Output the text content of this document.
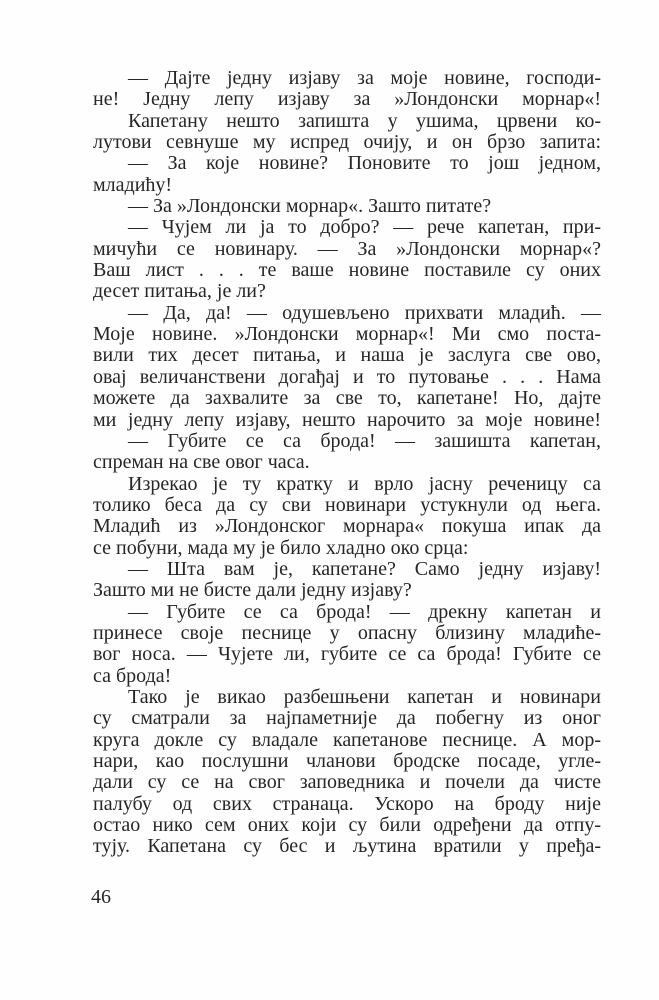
— Дајте једну изјаву за моје новине, господи-
не! Једну лепу изјаву за »Лондонски морнар«!
Капетану нешто запишта у ушима, црвени ко-
лутови севнуше му испред очију, и он брзо запита:
— За које новине? Поновите то још једном,
младићу!
— За »Лондонски морнар«. Зашто питате?
— Чујем ли ја то добро? — рече капетан, при-
мичући се новинару. — За »Лондонски морнар«?
Ваш лист . . . те ваше новине поставиле су оних
десет питања, је ли?
— Да, да! — одушевљено прихвати младић. —
Моје новине. »Лондонски морнар«! Ми смо поста-
вили тих десет питања, и наша је заслуга све ово,
овај величанствени догађај и то путовање . . . Нама
можете да захвалите за све то, капетане! Но, дајте
ми једну лепу изјаву, нешто нарочито за моје новине!
— Губите се са брода! — зашишта капетан,
спреман на све овог часа.
Изрекао је ту кратку и врло јасну реченицу са
толико беса да су сви новинари устукнули од њега.
Младић из »Лондонског морнара« покуша ипак да
се побуни, мада му је било хладно око срца:
— Шта вам је, капетане? Само једну изјаву!
Зашто ми не бисте дали једну изјаву?
— Губите се са брода! — дрекну капетан и
принесе своје песнице у опасну близину младиће-
вог носа. — Чујете ли, губите се са брода! Губите се
са брода!
Тако је викао разбешњени капетан и новинари
су сматрали за најпаметније да побегну из оног
круга докле су владале капетанове песнице. А мор-
нари, као послушни чланови бродске посаде, угле-
дали су се на свог заповедника и почели да чисте
палубу од свих странаца. Ускоро на броду није
остао нико сем оних који су били одређени да отпу-
тују. Капетана су бес и љутина вратили у пређа-
46
